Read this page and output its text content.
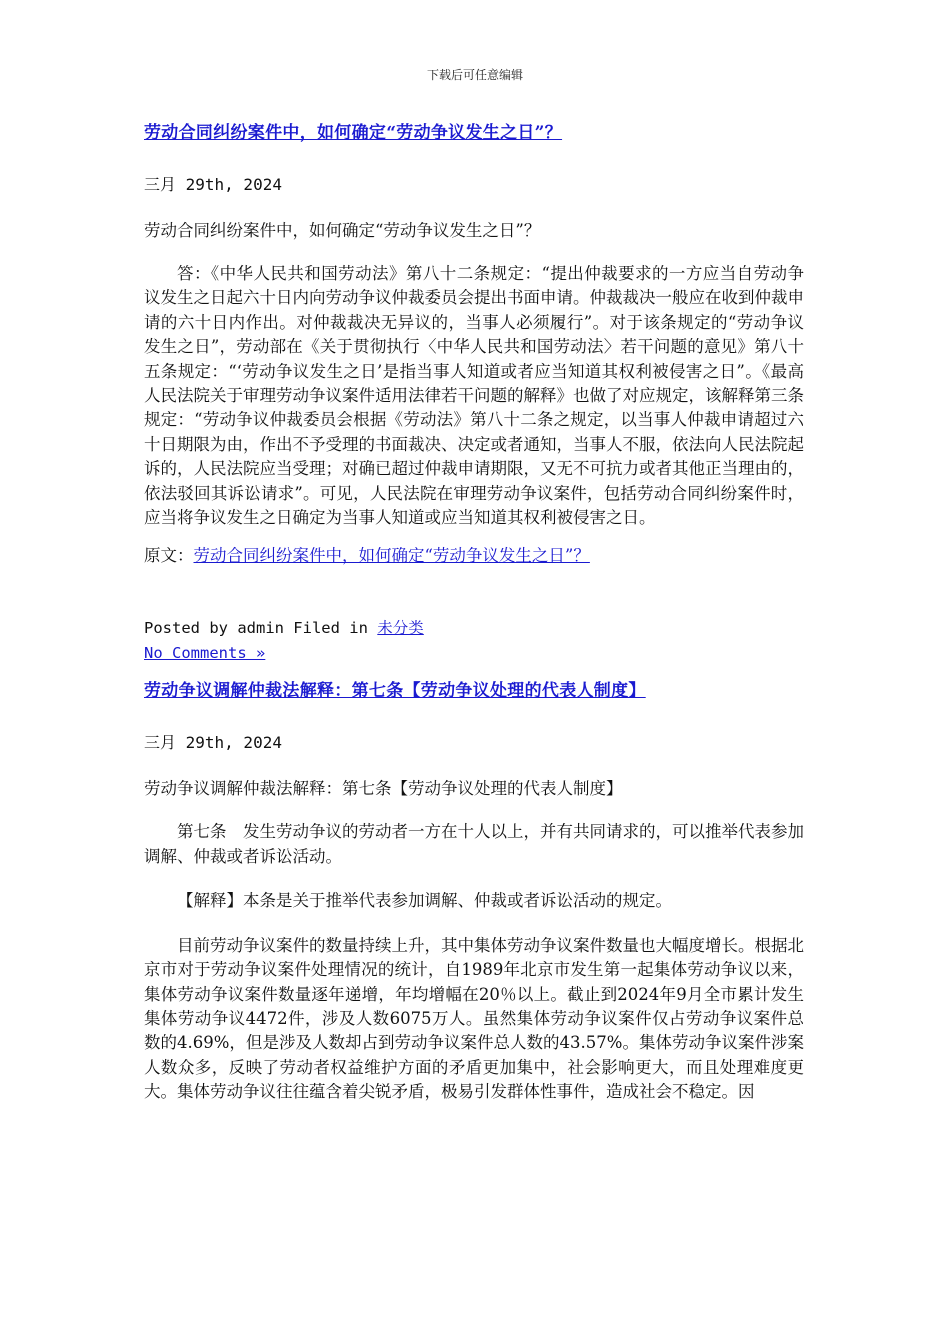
下载后可任意编辑
劳动合同纠纷案件中，如何确定“劳动争议发生之日”？
三月 29th, 2024
劳动合同纠纷案件中，如何确定“劳动争议发生之日”？

答：《中华人民共和国劳动法》第八十二条规定：“提出仲裁要求的一方应当自劳动争议发生之日起六十日内向劳动争议仲裁委员会提出书面申请。仲裁裁决一般应在收到仲裁申请的六十日内作出。对仲裁裁决无异议的，当事人必须履行”。对于该条规定的“劳动争议发生之日”，劳动部在《关于贯彻执行〈中华人民共和国劳动法〉若干问题的意见》第八十五条规定：“‘劳动争议发生之日’是指当事人知道或者应当知道其权利被侵害之日”。《最高人民法院关于审理劳动争议案件适用法律若干问题的解释》也做了对应规定，该解释第三条规定：“劳动争议仲裁委员会根据《劳动法》第八十二条之规定，以当事人仲裁申请超过六十日期限为由，作出不予受理的书面裁决、决定或者通知，当事人不服，依法向人民法院起诉的，人民法院应当受理；对确已超过仲裁申请期限，又无不可抗力或者其他正当理由的，依法驳回其诉讼请求”。可见，人民法院在审理劳动争议案件，包括劳动合同纠纷案件时，应当将争议发生之日确定为当事人知道或应当知道其权利被侵害之日。

原文：劳动合同纠纷案件中，如何确定“劳动争议发生之日”？
Posted by admin Filed in 未分类
No Comments »
劳动争议调解仲裁法解释：第七条【劳动争议处理的代表人制度】
三月 29th, 2024
劳动争议调解仲裁法解释：第七条【劳动争议处理的代表人制度】

第七条　发生劳动争议的劳动者一方在十人以上，并有共同请求的，可以推举代表参加调解、仲裁或者诉讼活动。

【解释】本条是关于推举代表参加调解、仲裁或者诉讼活动的规定。

目前劳动争议案件的数量持续上升，其中集体劳动争议案件数量也大幅度增长。根据北京市对于劳动争议案件处理情况的统计，自1989年北京市发生第一起集体劳动争议以来，集体劳动争议案件数量逐年递增，年均增幅在20％以上。截止到2024年9月全市累计发生集体劳动争议4472件，涉及人数6075万人。虽然集体劳动争议案件仅占劳动争议案件总数的4.69%，但是涉及人数却占到劳动争议案件总人数的43.57%。集体劳动争议案件涉案人数众多，反映了劳动者权益维护方面的矛盾更加集中，社会影响更大，而且处理难度更大。集体劳动争议往往蕴含着尖锐矛盾，极易引发群体性事件，造成社会不稳定。因
